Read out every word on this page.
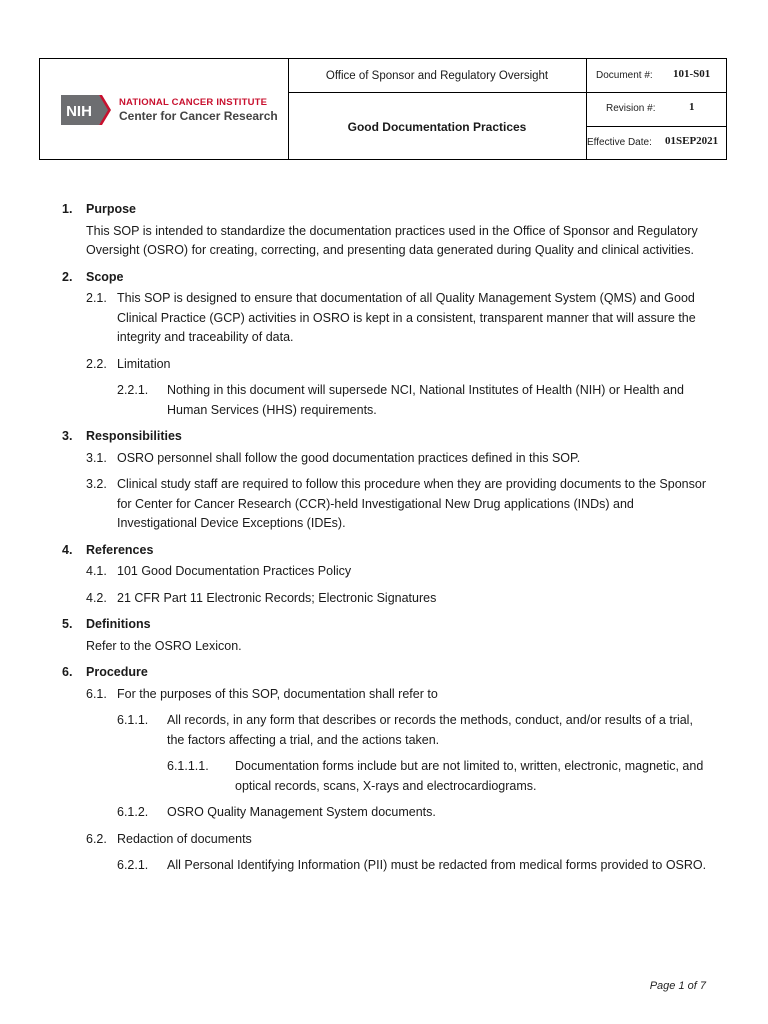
NIH
NATIONAL CANCER INSTITUTE
Center for Cancer Research
Office of Sponsor and Regulatory Oversight
Good Documentation Practices
Document #: 101-S01
Revision #:	1
Effective Date: 01SEP2021
1.	Purpose
This SOP is intended to standardize the documentation practices used in the Office of Sponsor and Regulatory Oversight (OSRO) for creating, correcting, and presenting data generated during Quality and clinical activities.
2.	Scope
2.1. This SOP is designed to ensure that documentation of all Quality Management System (QMS) and Good Clinical Practice (GCP) activities in OSRO is kept in a consistent, transparent manner that will assure the integrity and traceability of data.
2.2. Limitation
2.2.1.	Nothing in this document will supersede NCI, National Institutes of Health (NIH) or Health and Human Services (HHS) requirements.
3.	Responsibilities
3.1. OSRO personnel shall follow the good documentation practices defined in this SOP.
3.2. Clinical study staff are required to follow this procedure when they are providing documents to the Sponsor for Center for Cancer Research (CCR)-held Investigational New Drug applications (INDs) and Investigational Device Exceptions (IDEs).
4.	References
4.1. 101 Good Documentation Practices Policy
4.2. 21 CFR Part 11 Electronic Records; Electronic Signatures
5.	Definitions
Refer to the OSRO Lexicon.
6.	Procedure
6.1. For the purposes of this SOP, documentation shall refer to
6.1.1.	All records, in any form that describes or records the methods, conduct, and/or results of a trial, the factors affecting a trial, and the actions taken.
6.1.1.1.	Documentation forms include but are not limited to, written, electronic, magnetic, and optical records, scans, X-rays and electrocardiograms.
6.1.2.	OSRO Quality Management System documents.
6.2. Redaction of documents
6.2.1.	All Personal Identifying Information (PII) must be redacted from medical forms provided to OSRO.
Page 1 of 7
